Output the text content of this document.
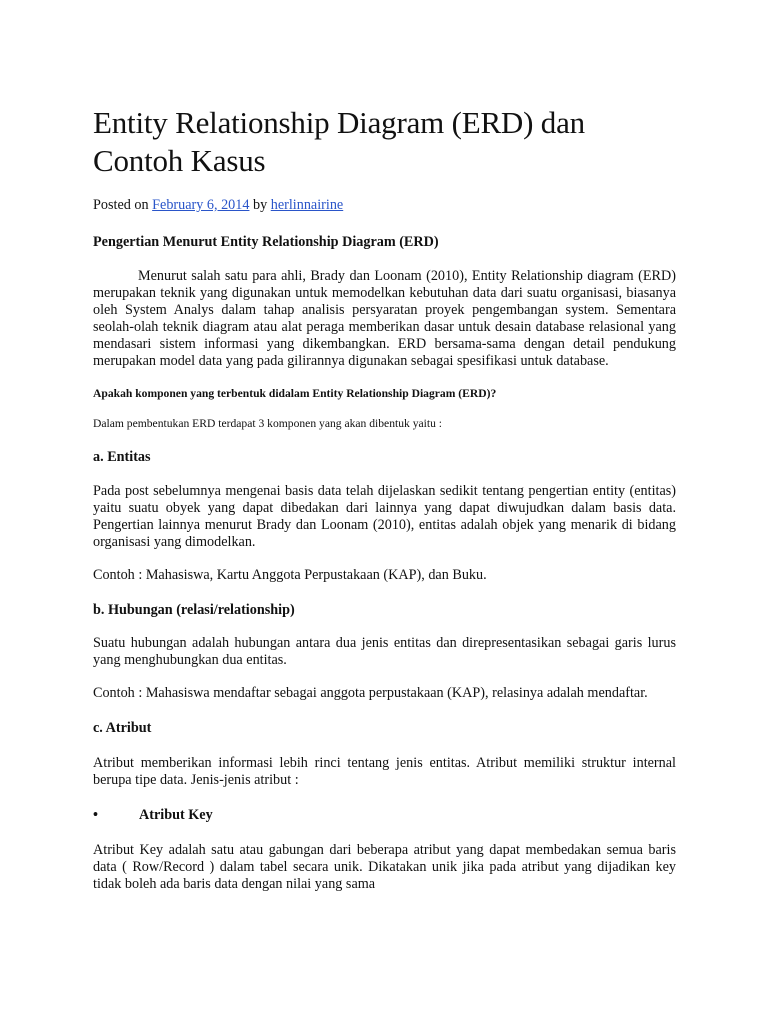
Entity Relationship Diagram (ERD) dan Contoh Kasus
Posted on February 6, 2014 by herlinnairine
Pengertian Menurut Entity Relationship Diagram (ERD)

Menurut salah satu para ahli, Brady dan Loonam (2010), Entity Relationship diagram (ERD) merupakan teknik yang digunakan untuk memodelkan kebutuhan data dari suatu organisasi, biasanya oleh System Analys dalam tahap analisis persyaratan proyek pengembangan system. Sementara seolah-olah teknik diagram atau alat peraga memberikan dasar untuk desain database relasional yang mendasari sistem informasi yang dikembangkan. ERD bersama-sama dengan detail pendukung merupakan model data yang pada gilirannya digunakan sebagai spesifikasi untuk database.

Apakah komponen yang terbentuk didalam Entity Relationship Diagram (ERD)?
Dalam pembentukan ERD terdapat 3 komponen yang akan dibentuk yaitu :
a. Entitas

Pada post sebelumnya mengenai basis data telah dijelaskan sedikit tentang pengertian entity (entitas) yaitu suatu obyek yang dapat dibedakan dari lainnya yang dapat diwujudkan dalam basis data. Pengertian lainnya menurut Brady dan Loonam (2010), entitas adalah objek yang menarik di bidang organisasi yang dimodelkan.

Contoh : Mahasiswa, Kartu Anggota Perpustakaan (KAP), dan Buku.

b. Hubungan (relasi/relationship)

Suatu hubungan adalah hubungan antara dua jenis entitas dan direpresentasikan sebagai garis lurus yang menghubungkan dua entitas.

Contoh : Mahasiswa mendaftar sebagai anggota perpustakaan (KAP), relasinya adalah mendaftar.

c. Atribut

Atribut memberikan informasi lebih rinci tentang jenis entitas. Atribut memiliki struktur internal berupa tipe data. Jenis-jenis atribut :

•	Atribut Key

Atribut Key adalah satu atau gabungan dari beberapa atribut yang dapat membedakan semua baris data ( Row/Record ) dalam tabel secara unik. Dikatakan unik jika pada atribut yang dijadikan key tidak boleh ada baris data dengan nilai yang sama
